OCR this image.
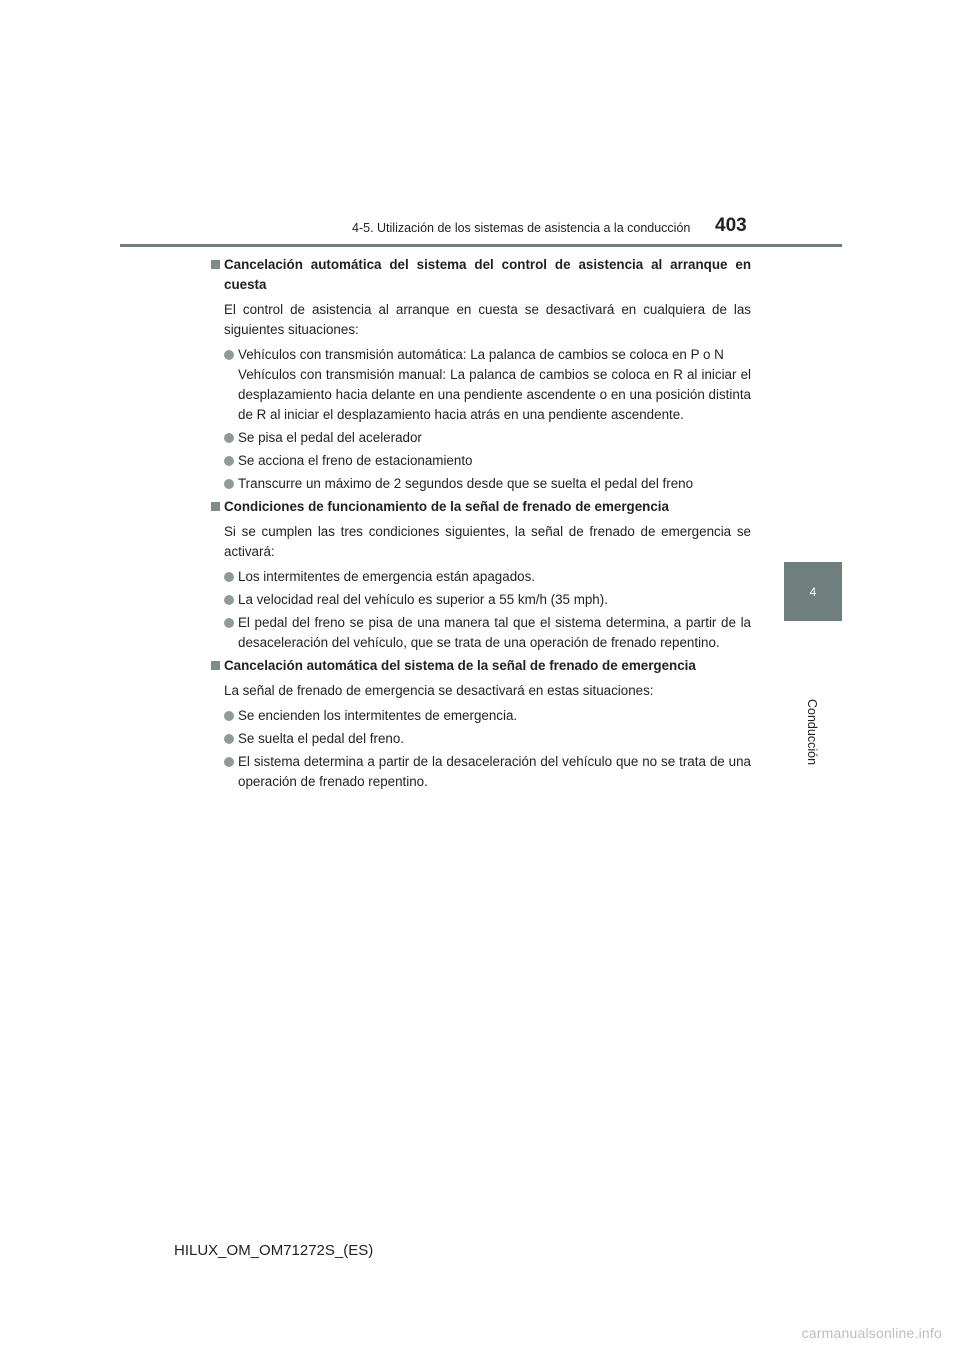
4-5. Utilización de los sistemas de asistencia a la conducción 403
4
Conducción
Cancelación automática del sistema del control de asistencia al arranque en cuesta
El control de asistencia al arranque en cuesta se desactivará en cualquiera de las siguientes situaciones:

Vehículos con transmisión automática: La palanca de cambios se coloca en P o N

Vehículos con transmisión manual: La palanca de cambios se coloca en R al iniciar el desplazamiento hacia delante en una pendiente ascendente o en una posición distinta de R al iniciar el desplazamiento hacia atrás en una pendiente ascendente.

Se pisa el pedal del acelerador

Se acciona el freno de estacionamiento

Transcurre un máximo de 2 segundos desde que se suelta el pedal del freno

Condiciones de funcionamiento de la señal de frenado de emergencia
Si se cumplen las tres condiciones siguientes, la señal de frenado de emergencia se activará:

Los intermitentes de emergencia están apagados.

La velocidad real del vehículo es superior a 55 km/h (35 mph).

El pedal del freno se pisa de una manera tal que el sistema determina, a partir de la desaceleración del vehículo, que se trata de una operación de frenado repentino.

Cancelación automática del sistema de la señal de frenado de emergencia
La señal de frenado de emergencia se desactivará en estas situaciones:

Se encienden los intermitentes de emergencia.

Se suelta el pedal del freno.

El sistema determina a partir de la desaceleración del vehículo que no se trata de una operación de frenado repentino.

HILUX_OM_OM71272S_(ES)
carmanualsonline.info
